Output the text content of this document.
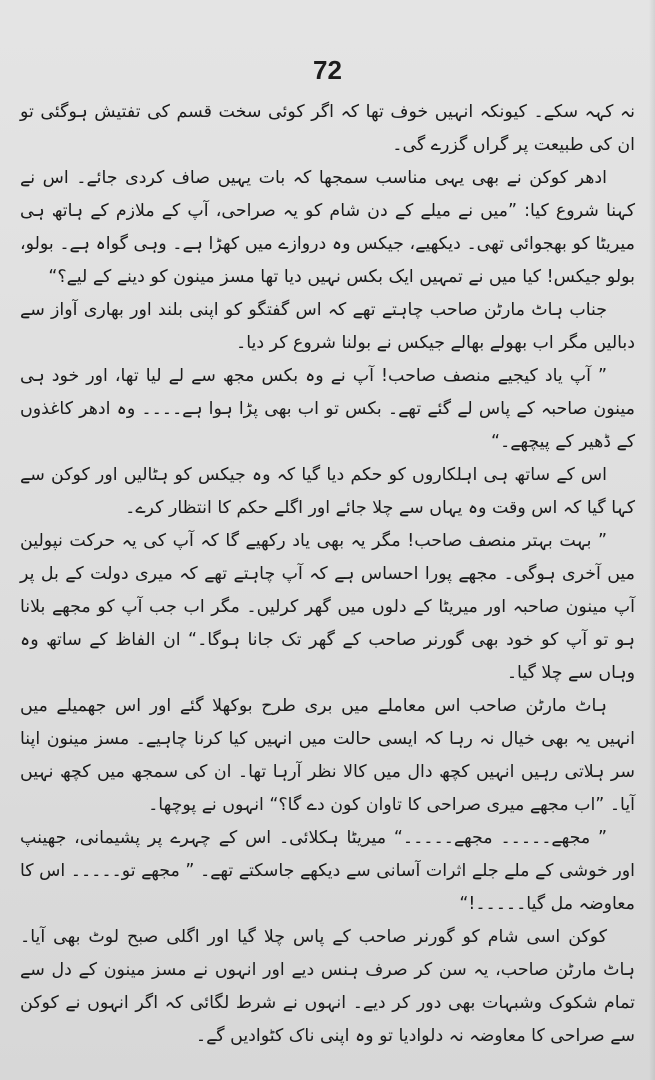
72

نہ کہہ سکے۔ کیونکہ انہیں خوف تھا کہ اگر کوئی سخت قسم کی تفتیش ہوگئی تو ان کی طبیعت پر گراں گزرے گی۔

ادھر کوکن نے بھی یہی مناسب سمجھا کہ بات یہیں صاف کردی جائے۔ اس نے کہنا شروع کیا: ”میں نے میلے کے دن شام کو یہ صراحی، آپ کے ملازم کے ہاتھ ہی میریٹا کو بھجوائی تھی۔ دیکھیے، جیکس وہ دروازے میں کھڑا ہے۔ وہی گواہ ہے۔ بولو، بولو جیکس! کیا میں نے تمہیں ایک بکس نہیں دیا تھا مسز مینون کو دینے کے لیے؟“

جناب ہاٹ مارٹن صاحب چاہتے تھے کہ اس گفتگو کو اپنی بلند اور بھاری آواز سے دبالیں مگر اب بھولے بھالے جیکس نے بولنا شروع کر دیا۔

” آپ یاد کیجیے منصف صاحب! آپ نے وہ بکس مجھ سے لے لیا تھا، اور خود ہی مینون صاحبہ کے پاس لے گئے تھے۔ بکس تو اب بھی پڑا ہوا ہے۔۔۔۔ وہ ادھر کاغذوں کے ڈھیر کے پیچھے۔“

اس کے ساتھ ہی اہلکاروں کو حکم دیا گیا کہ وہ جیکس کو ہٹالیں اور کوکن سے کہا گیا کہ اس وقت وہ یہاں سے چلا جائے اور اگلے حکم کا انتظار کرے۔

” بہت بہتر منصف صاحب! مگر یہ بھی یاد رکھیے گا کہ آپ کی یہ حرکت نپولین میں آخری ہوگی۔ مجھے پورا احساس ہے کہ آپ چاہتے تھے کہ میری دولت کے بل پر آپ مینون صاحبہ اور میریٹا کے دلوں میں گھر کرلیں۔ مگر اب جب آپ کو مجھے بلانا ہو تو آپ کو خود بھی گورنر صاحب کے گھر تک جانا ہوگا۔“ ان الفاظ کے ساتھ وہ وہاں سے چلا گیا۔

ہاٹ مارٹن صاحب اس معاملے میں بری طرح بوکھلا گئے اور اس جھمیلے میں انہیں یہ بھی خیال نہ رہا کہ ایسی حالت میں انہیں کیا کرنا چاہیے۔ مسز مینون اپنا سر ہلاتی رہیں انہیں کچھ دال میں کالا نظر آرہا تھا۔ ان کی سمجھ میں کچھ نہیں آیا۔ ”اب مجھے میری صراحی کا تاوان کون دے گا؟“ انہوں نے پوچھا۔

” مجھے۔۔۔۔۔ مجھے۔۔۔۔۔“ میریٹا ہکلائی۔ اس کے چہرے پر پشیمانی، جھینپ اور خوشی کے ملے جلے اثرات آسانی سے دیکھے جاسکتے تھے۔ ” مجھے تو۔۔۔۔۔ اس کا معاوضہ مل گیا۔۔۔۔۔!“

کوکن اسی شام کو گورنر صاحب کے پاس چلا گیا اور اگلی صبح لوٹ بھی آیا۔ ہاٹ مارٹن صاحب، یہ سن کر صرف ہنس دیے اور انہوں نے مسز مینون کے دل سے تمام شکوک وشبہات بھی دور کر دیے۔ انہوں نے شرط لگائی کہ اگر انہوں نے کوکن سے صراحی کا معاوضہ نہ دلوادیا تو وہ اپنی ناک کٹوادیں گے۔
